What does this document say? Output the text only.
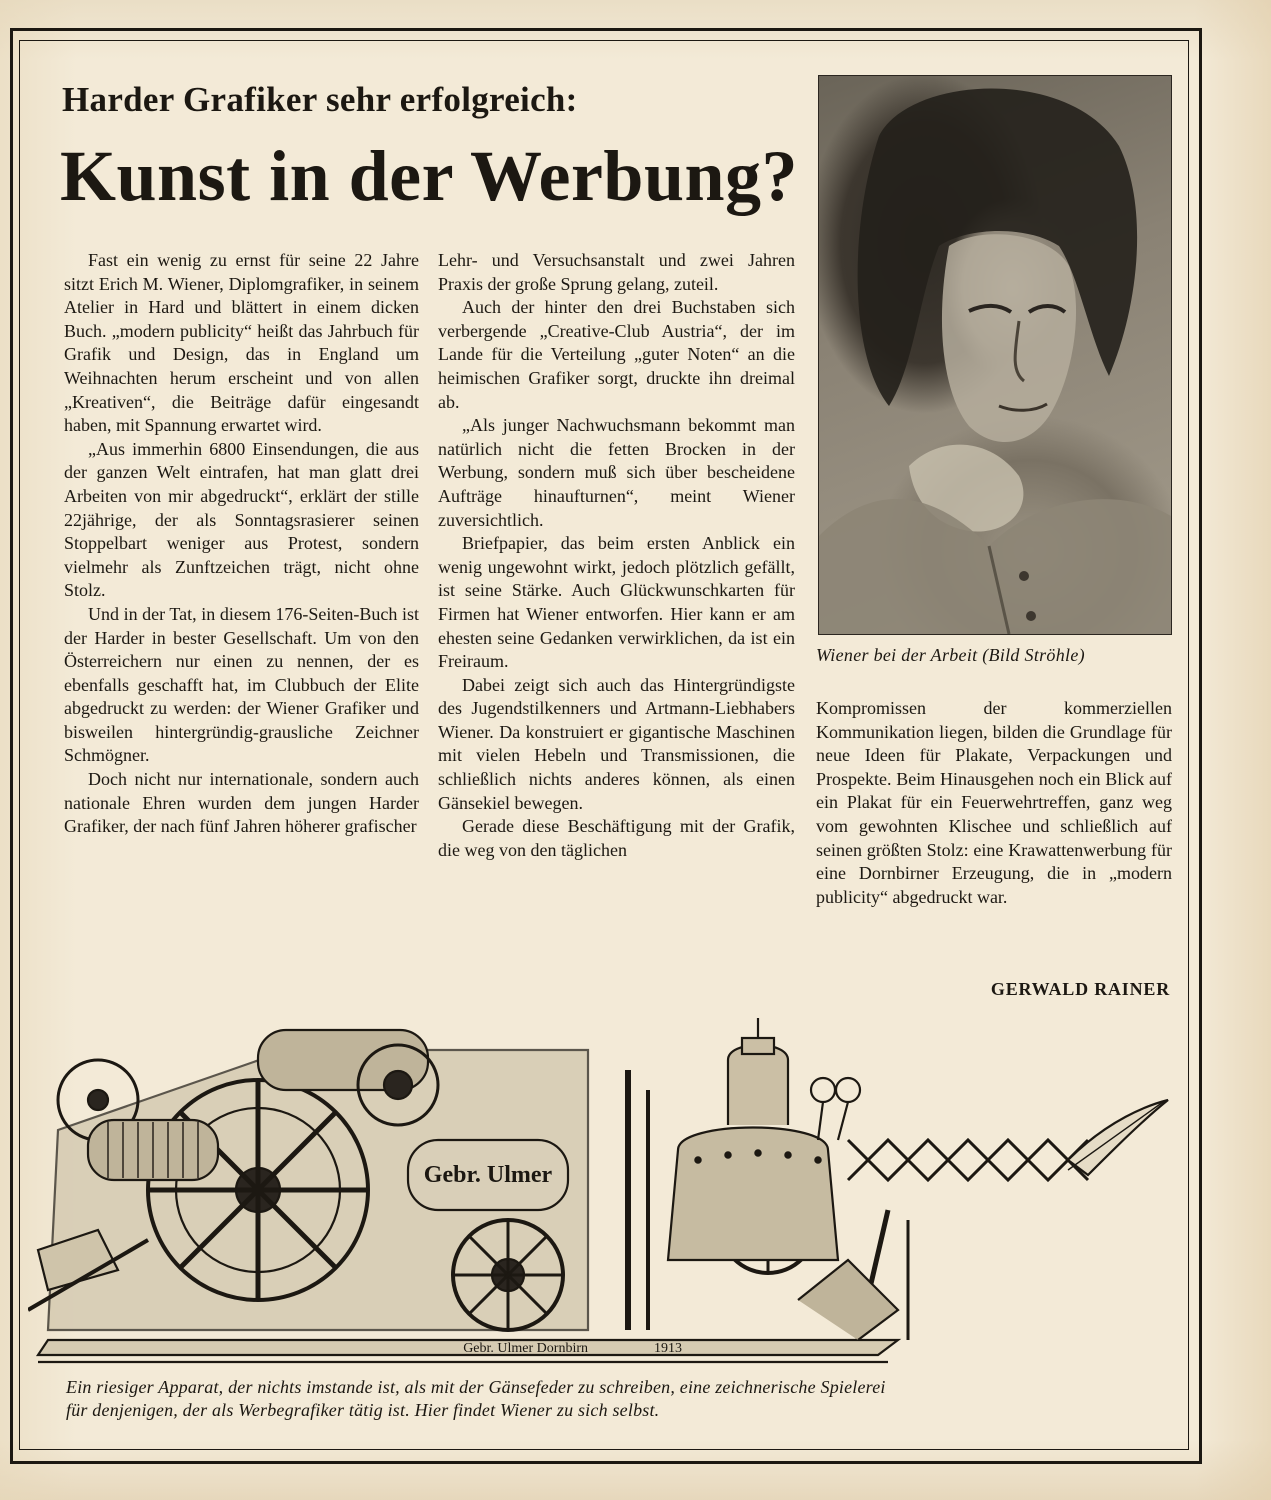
Harder Grafiker sehr erfolgreich:
Kunst in der Werbung?

Fast ein wenig zu ernst für seine 22 Jahre sitzt Erich M. Wiener, Diplomgrafiker, in seinem Atelier in Hard und blättert in einem dicken Buch. „modern publicity“ heißt das Jahrbuch für Grafik und Design, das in England um Weihnachten herum erscheint und von allen „Kreativen“, die Beiträge dafür eingesandt haben, mit Spannung erwartet wird.

„Aus immerhin 6800 Einsendungen, die aus der ganzen Welt eintrafen, hat man glatt drei Arbeiten von mir abgedruckt“, erklärt der stille 22jährige, der als Sonntagsrasierer seinen Stoppelbart weniger aus Protest, sondern vielmehr als Zunftzeichen trägt, nicht ohne Stolz.

Und in der Tat, in diesem 176-Seiten-Buch ist der Harder in bester Gesellschaft. Um von den Österreichern nur einen zu nennen, der es ebenfalls geschafft hat, im Clubbuch der Elite abgedruckt zu werden: der Wiener Grafiker und bisweilen hintergründig-grausliche Zeichner Schmögner.

Doch nicht nur internationale, sondern auch nationale Ehren wurden dem jungen Harder Grafiker, der nach fünf Jahren höherer grafischer

Lehr- und Versuchsanstalt und zwei Jahren Praxis der große Sprung gelang, zuteil.

Auch der hinter den drei Buchstaben sich verbergende „Creative-Club Austria“, der im Lande für die Verteilung „guter Noten“ an die heimischen Grafiker sorgt, druckte ihn dreimal ab.

„Als junger Nachwuchsmann bekommt man natürlich nicht die fetten Brocken in der Werbung, sondern muß sich über bescheidene Aufträge hinaufturnen“, meint Wiener zuversichtlich.

Briefpapier, das beim ersten Anblick ein wenig ungewohnt wirkt, jedoch plötzlich gefällt, ist seine Stärke. Auch Glückwunschkarten für Firmen hat Wiener entworfen. Hier kann er am ehesten seine Gedanken verwirklichen, da ist ein Freiraum.

Dabei zeigt sich auch das Hintergründigste des Jugendstilkenners und Artmann-Liebhabers Wiener. Da konstruiert er gigantische Maschinen mit vielen Hebeln und Transmissionen, die schließlich nichts anderes können, als einen Gänsekiel bewegen.

Gerade diese Beschäftigung mit der Grafik, die weg von den täglichen

Wiener bei der Arbeit (Bild Ströhle)

Kompromissen der kommerziellen Kommunikation liegen, bilden die Grundlage für neue Ideen für Plakate, Verpackungen und Prospekte. Beim Hinausgehen noch ein Blick auf ein Plakat für ein Feuerwehrtreffen, ganz weg vom gewohnten Klischee und schließlich auf seinen größten Stolz: eine Krawattenwerbung für eine Dornbirner Erzeugung, die in „modern publicity“ abgedruckt war.

GERWALD RAINER
Gebr. Ulmer
Gebr. Ulmer Dornbirn	1913
Ein riesiger Apparat, der nichts imstande ist, als mit der Gänsefeder zu schreiben, eine zeichnerische Spielerei
für denjenigen, der als Werbegrafiker tätig ist. Hier findet Wiener zu sich selbst.
